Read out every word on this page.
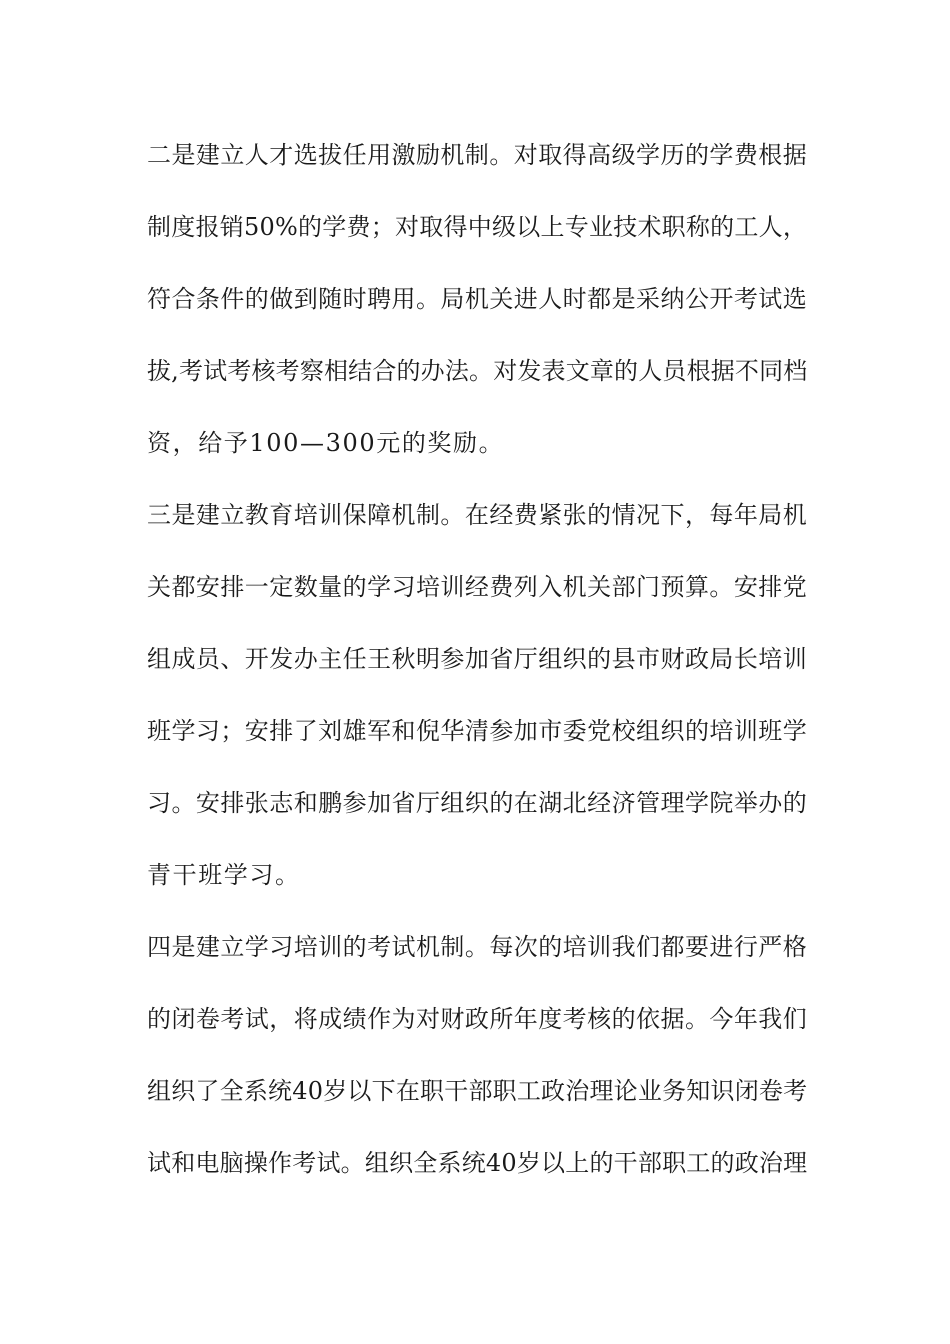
二是建立人才选拔任用激励机制。对取得高级学历的学费根据
制度报销50%的学费；对取得中级以上专业技术职称的工人，
符合条件的做到随时聘用。局机关进人时都是采纳公开考试选
拔,考试考核考察相结合的办法。对发表文章的人员根据不同档
资，给予100—300元的奖励。
三是建立教育培训保障机制。在经费紧张的情况下，每年局机
关都安排一定数量的学习培训经费列入机关部门预算。安排党
组成员、开发办主任王秋明参加省厅组织的县市财政局长培训
班学习；安排了刘雄军和倪华清参加市委党校组织的培训班学
习。安排张志和鹏参加省厅组织的在湖北经济管理学院举办的
青干班学习。
四是建立学习培训的考试机制。每次的培训我们都要进行严格
的闭卷考试，将成绩作为对财政所年度考核的依据。今年我们
组织了全系统40岁以下在职干部职工政治理论业务知识闭卷考
试和电脑操作考试。组织全系统40岁以上的干部职工的政治理
